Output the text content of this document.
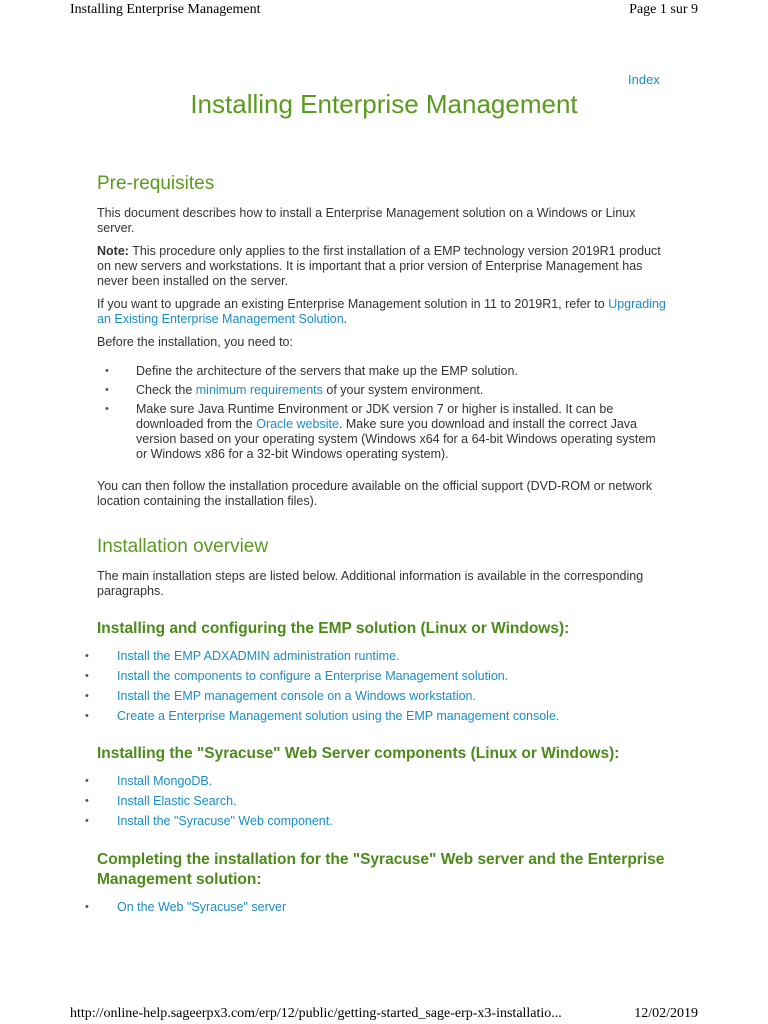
Installing Enterprise Management	Page 1 sur 9
Index
Installing Enterprise Management
Pre-requisites

This document describes how to install a Enterprise Management solution on a Windows or Linux server.

Note: This procedure only applies to the first installation of a EMP technology version 2019R1 product on new servers and workstations. It is important that a prior version of Enterprise Management has never been installed on the server.

If you want to upgrade an existing Enterprise Management solution in 11 to 2019R1, refer to Upgrading an Existing Enterprise Management Solution.

Before the installation, you need to:

• Define the architecture of the servers that make up the EMP solution.
• Check the minimum requirements of your system environment.
• Make sure Java Runtime Environment or JDK version 7 or higher is installed. It can be downloaded from the Oracle website. Make sure you download and install the correct Java version based on your operating system (Windows x64 for a 64-bit Windows operating system or Windows x86 for a 32-bit Windows operating system).

You can then follow the installation procedure available on the official support (DVD-ROM or network location containing the installation files).

Installation overview

The main installation steps are listed below. Additional information is available in the corresponding paragraphs.

Installing and configuring the EMP solution (Linux or Windows):
• Install the EMP ADXADMIN administration runtime.
• Install the components to configure a Enterprise Management solution.
• Install the EMP management console on a Windows workstation.
• Create a Enterprise Management solution using the EMP management console.
Installing the "Syracuse" Web Server components (Linux or Windows):
• Install MongoDB.
• Install Elastic Search.
• Install the "Syracuse" Web component.
Completing the installation for the "Syracuse" Web server and the Enterprise Management solution:
• On the Web "Syracuse" server
http://online-help.sageerpx3.com/erp/12/public/getting-started_sage-erp-x3-installatio...	12/02/2019
